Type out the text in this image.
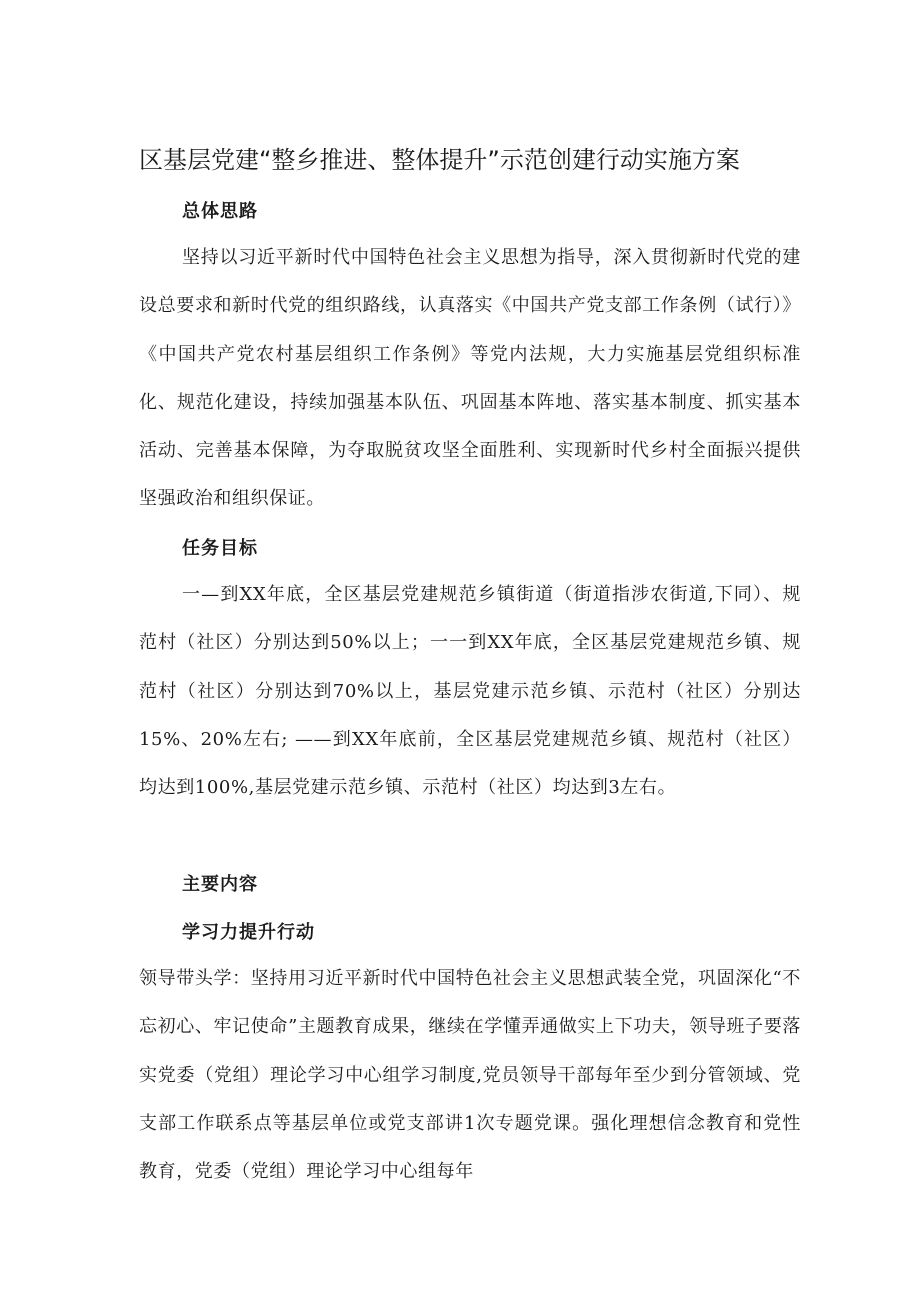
区基层党建“整乡推进、整体提升”示范创建行动实施方案
总体思路

坚持以习近平新时代中国特色社会主义思想为指导，深入贯彻新时代党的建设总要求和新时代党的组织路线，认真落实《中国共产党支部工作条例（试行）》《中国共产党农村基层组织工作条例》等党内法规，大力实施基层党组织标准化、规范化建设，持续加强基本队伍、巩固基本阵地、落实基本制度、抓实基本活动、完善基本保障，为夺取脱贫攻坚全面胜利、实现新时代乡村全面振兴提供坚强政治和组织保证。

任务目标

一—到XX年底，全区基层党建规范乡镇街道（街道指涉农街道,下同）、规范村（社区）分别达到50%以上；一一到XX年底，全区基层党建规范乡镇、规范村（社区）分别达到70%以上，基层党建示范乡镇、示范村（社区）分别达15%、20%左右; ——到XX年底前，全区基层党建规范乡镇、规范村（社区）均达到100%,基层党建示范乡镇、示范村（社区）均达到3左右。

主要内容
学习力提升行动

领导带头学：坚持用习近平新时代中国特色社会主义思想武装全党，巩固深化“不忘初心、牢记使命”主题教育成果，继续在学懂弄通做实上下功夫，领导班子要落实党委（党组）理论学习中心组学习制度,党员领导干部每年至少到分管领域、党支部工作联系点等基层单位或党支部讲1次专题党课。强化理想信念教育和党性教育，党委（党组）理论学习中心组每年
